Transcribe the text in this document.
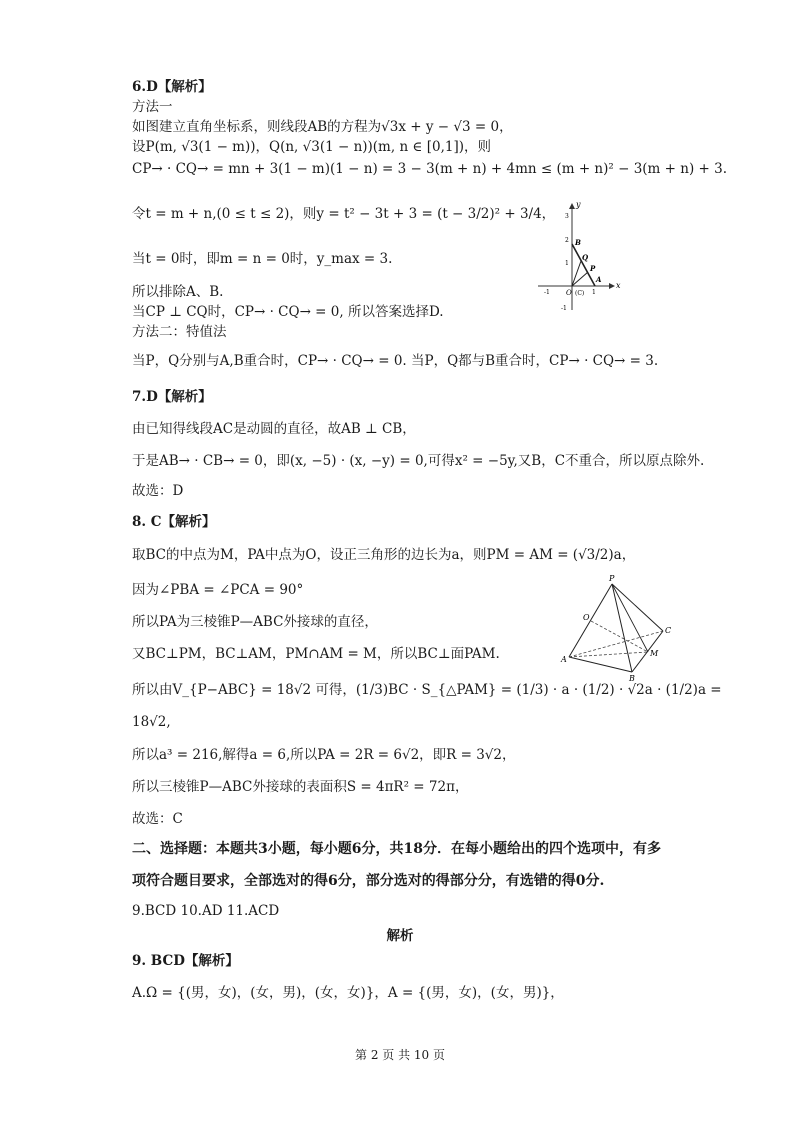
6.D【解析】
方法一
如图建立直角坐标系，则线段AB的方程为√3x + y − √3 = 0，
设P(m, √3(1 − m))，Q(n, √3(1 − n))(m, n ∈ [0,1])，则
CP→ · CQ→ = mn + 3(1 − m)(1 − n) = 3 − 3(m + n) + 4mn ≤ (m + n)² − 3(m + n) + 3.
令t = m + n,(0 ≤ t ≤ 2)，则y = t² − 3t + 3 = (t − 3/2)² + 3/4，
当t = 0时，即m = n = 0时，y_max = 3.
所以排除A、B.
当CP ⊥ CQ时，CP→ · CQ→ = 0, 所以答案选择D.
方法二：特值法
当P，Q分别与A,B重合时，CP→ · CQ→ = 0. 当P，Q都与B重合时，CP→ · CQ→ = 3.
7.D【解析】
由已知得线段AC是动圆的直径，故AB ⊥ CB，
于是AB→ · CB→ = 0，即(x, −5) · (x, −y) = 0,可得x² = −5y,又B，C不重合，所以原点除外.
故选：D
8. C【解析】
取BC的中点为M，PA中点为O，设正三角形的边长为a，则PM = AM = (√3/2)a，
因为∠PBA = ∠PCA = 90°
所以PA为三棱锥P—ABC外接球的直径，
又BC⊥PM，BC⊥AM，PM∩AM = M，所以BC⊥面PAM.
所以由V_{P−ABC} = 18√2 可得，(1/3)BC · S_{△PAM} = (1/3) · a · (1/2) · √2a · (1/2)a =
18√2,
所以a³ = 216,解得a = 6,所以PA = 2R = 6√2，即R = 3√2，
所以三棱锥P—ABC外接球的表面积S = 4πR² = 72π，
故选：C
二、选择题：本题共3小题，每小题6分，共18分．在每小题给出的四个选项中，有多
项符合题目要求，全部选对的得6分，部分选对的得部分分，有选错的得0分.
9.BCD 10.AD 11.ACD
解析
9. BCD【解析】
A.Ω = {(男，女)，(女，男)，(女，女)}，A = {(男，女)，(女，男)}，
第 2 页 共 10 页
y
x
3
2
1
-1
-1	1
O (C)
B
Q
P
A
P
O
C
M
A
B
